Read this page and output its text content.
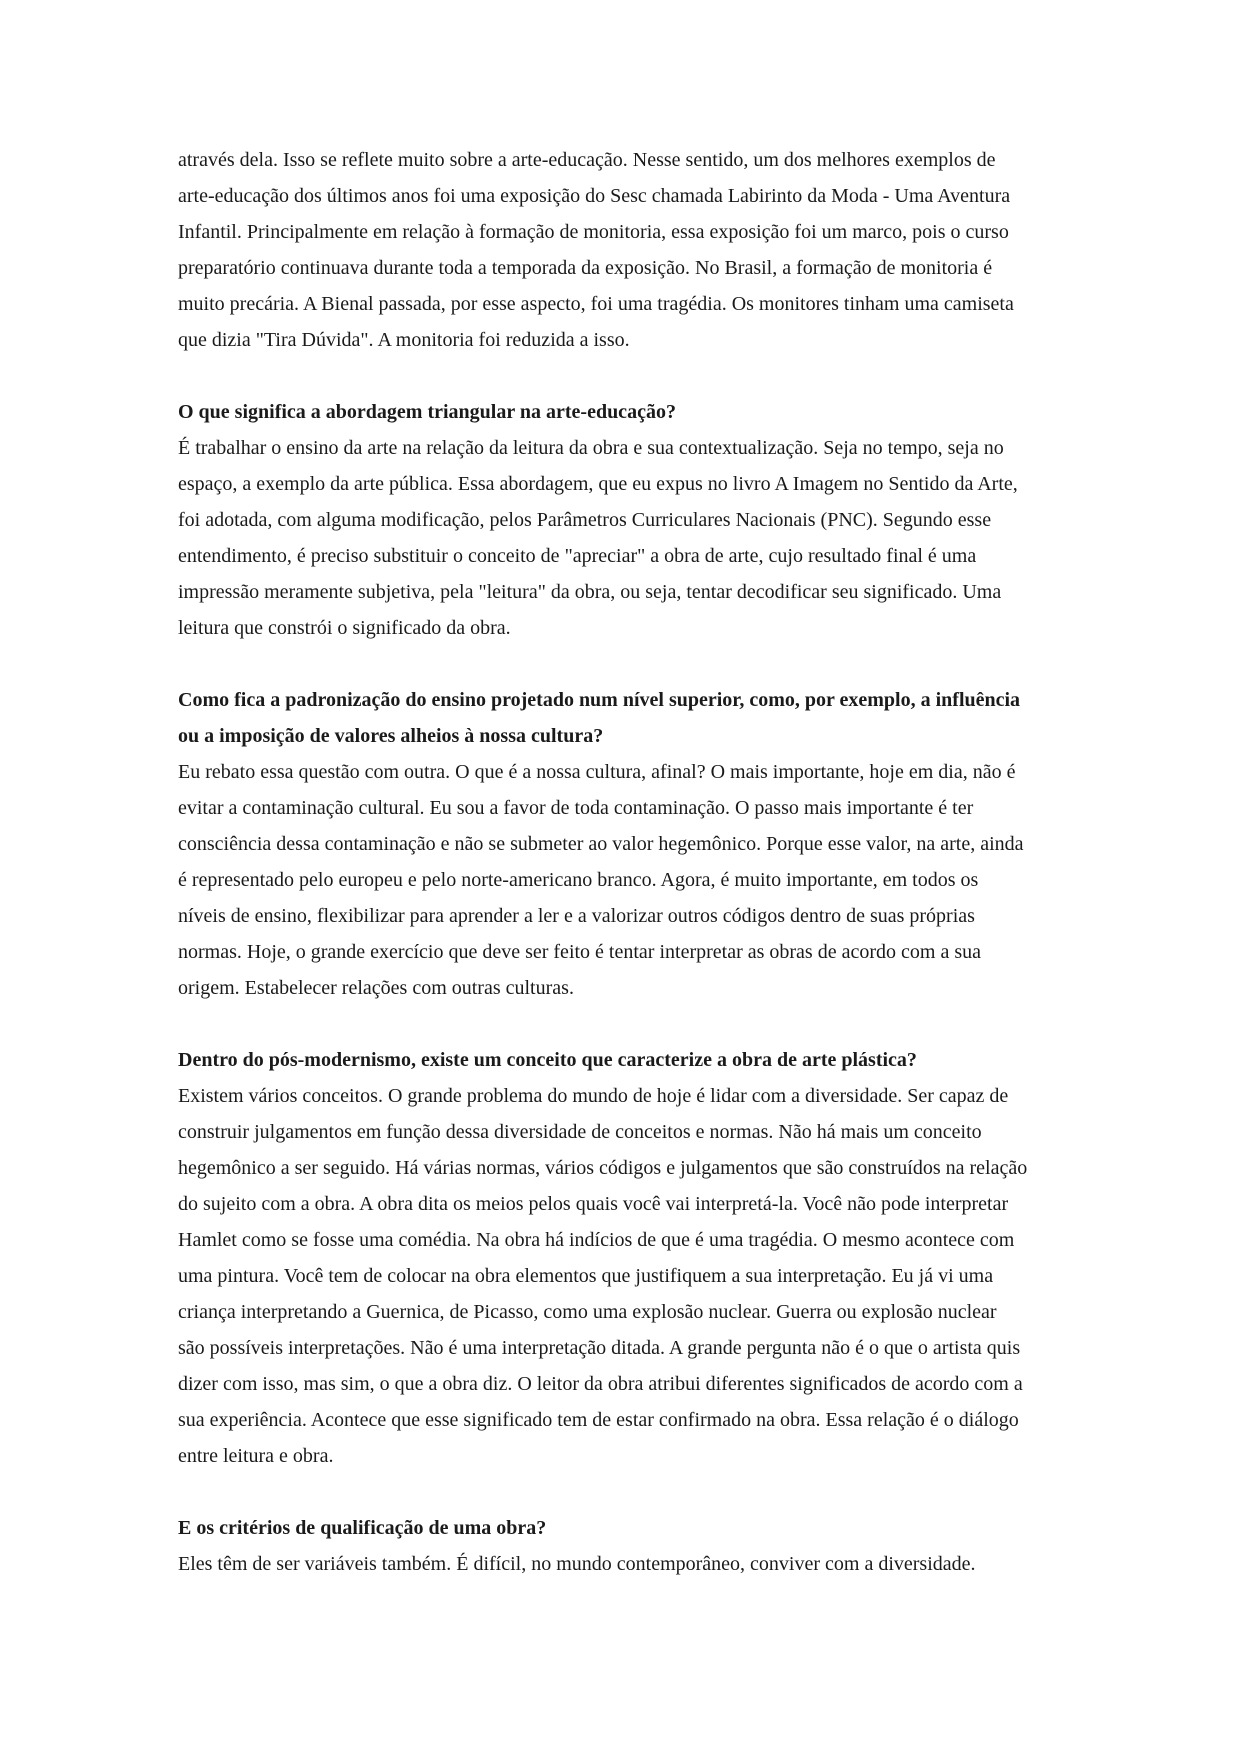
através dela. Isso se reflete muito sobre a arte-educação. Nesse sentido, um dos melhores exemplos de
arte-educação dos últimos anos foi uma exposição do Sesc chamada Labirinto da Moda - Uma Aventura
Infantil. Principalmente em relação à formação de monitoria, essa exposição foi um marco, pois o curso
preparatório continuava durante toda a temporada da exposição. No Brasil, a formação de monitoria é
muito precária. A Bienal passada, por esse aspecto, foi uma tragédia. Os monitores tinham uma camiseta
que dizia "Tira Dúvida". A monitoria foi reduzida a isso.

O que significa a abordagem triangular na arte-educação?

É trabalhar o ensino da arte na relação da leitura da obra e sua contextualização. Seja no tempo, seja no
espaço, a exemplo da arte pública. Essa abordagem, que eu expus no livro A Imagem no Sentido da Arte,
foi adotada, com alguma modificação, pelos Parâmetros Curriculares Nacionais (PNC). Segundo esse
entendimento, é preciso substituir o conceito de "apreciar" a obra de arte, cujo resultado final é uma
impressão meramente subjetiva, pela "leitura" da obra, ou seja, tentar decodificar seu significado. Uma
leitura que constrói o significado da obra.

Como fica a padronização do ensino projetado num nível superior, como, por exemplo, a influência
ou a imposição de valores alheios à nossa cultura?

Eu rebato essa questão com outra. O que é a nossa cultura, afinal? O mais importante, hoje em dia, não é
evitar a contaminação cultural. Eu sou a favor de toda contaminação. O passo mais importante é ter
consciência dessa contaminação e não se submeter ao valor hegemônico. Porque esse valor, na arte, ainda
é representado pelo europeu e pelo norte-americano branco. Agora, é muito importante, em todos os
níveis de ensino, flexibilizar para aprender a ler e a valorizar outros códigos dentro de suas próprias
normas. Hoje, o grande exercício que deve ser feito é tentar interpretar as obras de acordo com a sua
origem. Estabelecer relações com outras culturas.

Dentro do pós-modernismo, existe um conceito que caracterize a obra de arte plástica?

Existem vários conceitos. O grande problema do mundo de hoje é lidar com a diversidade. Ser capaz de
construir julgamentos em função dessa diversidade de conceitos e normas. Não há mais um conceito
hegemônico a ser seguido. Há várias normas, vários códigos e julgamentos que são construídos na relação
do sujeito com a obra. A obra dita os meios pelos quais você vai interpretá-la. Você não pode interpretar
Hamlet como se fosse uma comédia. Na obra há indícios de que é uma tragédia. O mesmo acontece com
uma pintura. Você tem de colocar na obra elementos que justifiquem a sua interpretação. Eu já vi uma
criança interpretando a Guernica, de Picasso, como uma explosão nuclear. Guerra ou explosão nuclear
são possíveis interpretações. Não é uma interpretação ditada. A grande pergunta não é o que o artista quis
dizer com isso, mas sim, o que a obra diz. O leitor da obra atribui diferentes significados de acordo com a
sua experiência. Acontece que esse significado tem de estar confirmado na obra. Essa relação é o diálogo
entre leitura e obra.

E os critérios de qualificação de uma obra?

Eles têm de ser variáveis também. É difícil, no mundo contemporâneo, conviver com a diversidade.
